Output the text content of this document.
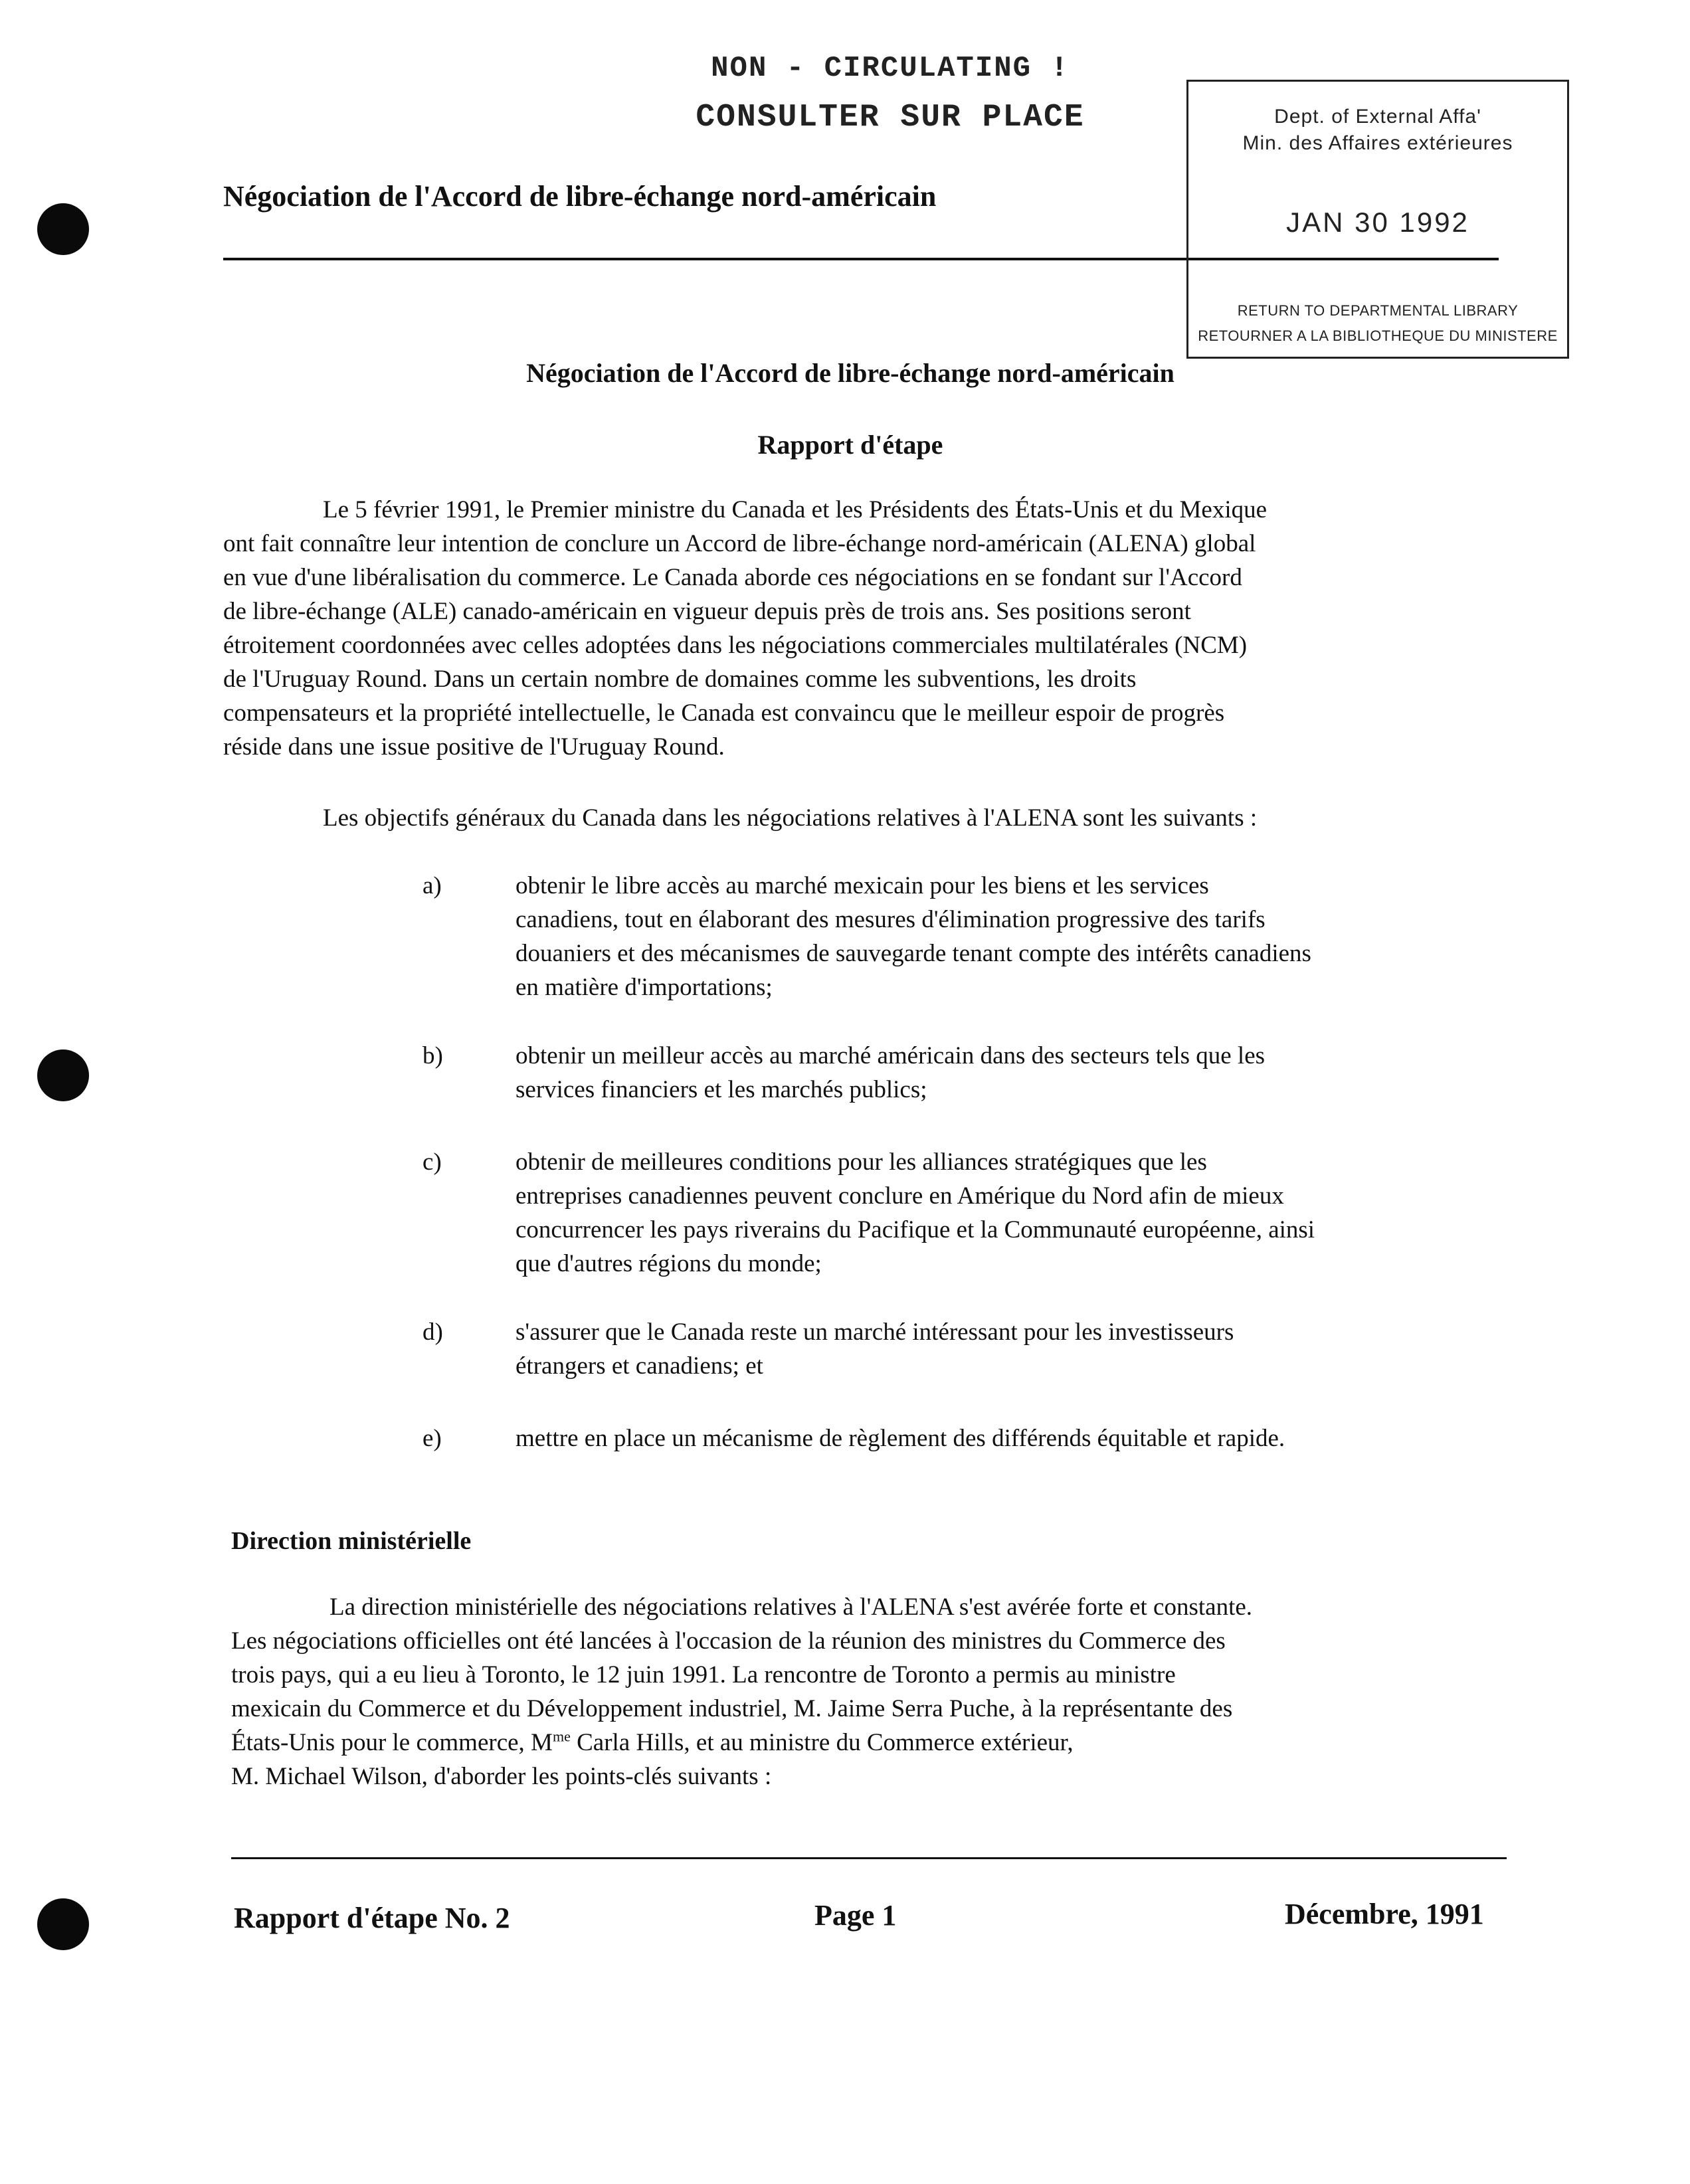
NON - CIRCULATING !
CONSULTER SUR PLACE
Négociation de l'Accord de libre-échange nord-américain
Dept. of External Affa'
Min. des Affaires extérieures
JAN 30 1992
RETURN TO DEPARTMENTAL LIBRARY
RETOURNER A LA BIBLIOTHEQUE DU MINISTERE
Négociation de l'Accord de libre-échange nord-américain
Rapport d'étape
Le 5 février 1991, le Premier ministre du Canada et les Présidents des États-Unis et du Mexique
ont fait connaître leur intention de conclure un Accord de libre-échange nord-américain (ALENA) global
en vue d'une libéralisation du commerce. Le Canada aborde ces négociations en se fondant sur l'Accord
de libre-échange (ALE) canado-américain en vigueur depuis près de trois ans. Ses positions seront
étroitement coordonnées avec celles adoptées dans les négociations commerciales multilatérales (NCM)
de l'Uruguay Round. Dans un certain nombre de domaines comme les subventions, les droits
compensateurs et la propriété intellectuelle, le Canada est convaincu que le meilleur espoir de progrès
réside dans une issue positive de l'Uruguay Round.
Les objectifs généraux du Canada dans les négociations relatives à l'ALENA sont les suivants :
a)	obtenir le libre accès au marché mexicain pour les biens et les services
canadiens, tout en élaborant des mesures d'élimination progressive des tarifs
douaniers et des mécanismes de sauvegarde tenant compte des intérêts canadiens
en matière d'importations;
b)	obtenir un meilleur accès au marché américain dans des secteurs tels que les
services financiers et les marchés publics;
c)	obtenir de meilleures conditions pour les alliances stratégiques que les
entreprises canadiennes peuvent conclure en Amérique du Nord afin de mieux
concurrencer les pays riverains du Pacifique et la Communauté européenne, ainsi
que d'autres régions du monde;
d)	s'assurer que le Canada reste un marché intéressant pour les investisseurs
étrangers et canadiens; et
e)	mettre en place un mécanisme de règlement des différends équitable et rapide.
Direction ministérielle
La direction ministérielle des négociations relatives à l'ALENA s'est avérée forte et constante.
Les négociations officielles ont été lancées à l'occasion de la réunion des ministres du Commerce des
trois pays, qui a eu lieu à Toronto, le 12 juin 1991. La rencontre de Toronto a permis au ministre
mexicain du Commerce et du Développement industriel, M. Jaime Serra Puche, à la représentante des
États-Unis pour le commerce, $M^{me}$ Carla Hills, et au ministre du Commerce extérieur,
M. Michael Wilson, d'aborder les points-clés suivants :
Rapport d'étape No. 2	Page 1	Décembre, 1991
